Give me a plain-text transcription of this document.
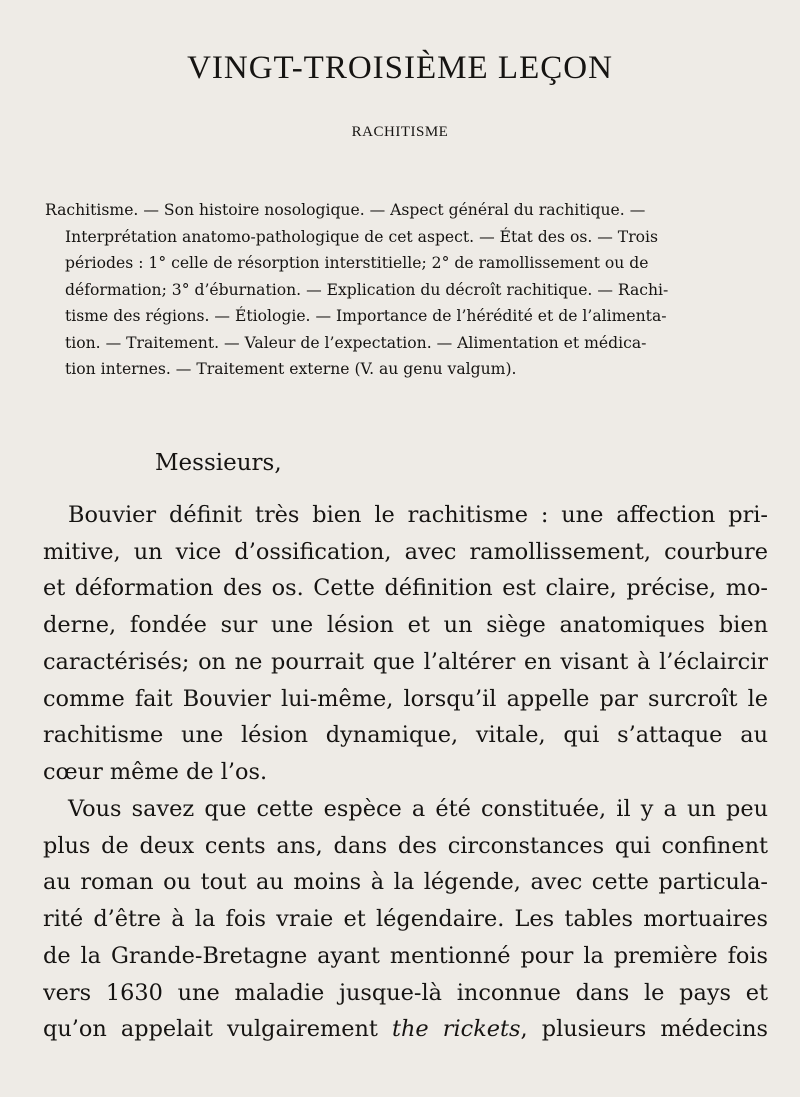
VINGT-TROISIÈME LEÇON
RACHITISME
Rachitisme. — Son histoire nosologique. — Aspect général du rachitique. —
Interprétation anatomo-pathologique de cet aspect. — État des os. — Trois
périodes : 1° celle de résorption interstitielle; 2° de ramollissement ou de
déformation; 3° d’éburnation. — Explication du décroît rachitique. — Rachi-
tisme des régions. — Étiologie. — Importance de l’hérédité et de l’alimenta-
tion. — Traitement. — Valeur de l’expectation. — Alimentation et médica-
tion internes. — Traitement externe (V. au genu valgum).
Messieurs,
Bouvier définit très bien le rachitisme : une affection pri-
mitive, un vice d’ossification, avec ramollissement, courbure
et déformation des os. Cette définition est claire, précise, mo-
derne, fondée sur une lésion et un siège anatomiques bien
caractérisés; on ne pourrait que l’altérer en visant à l’éclaircir
comme fait Bouvier lui-même, lorsqu’il appelle par surcroît le
rachitisme une lésion dynamique, vitale, qui s’attaque au
cœur même de l’os.
Vous savez que cette espèce a été constituée, il y a un peu
plus de deux cents ans, dans des circonstances qui confinent
au roman ou tout au moins à la légende, avec cette particula-
rité d’être à la fois vraie et légendaire. Les tables mortuaires
de la Grande-Bretagne ayant mentionné pour la première fois
vers 1630 une maladie jusque-là inconnue dans le pays et
qu’on appelait vulgairement the rickets, plusieurs médecins
